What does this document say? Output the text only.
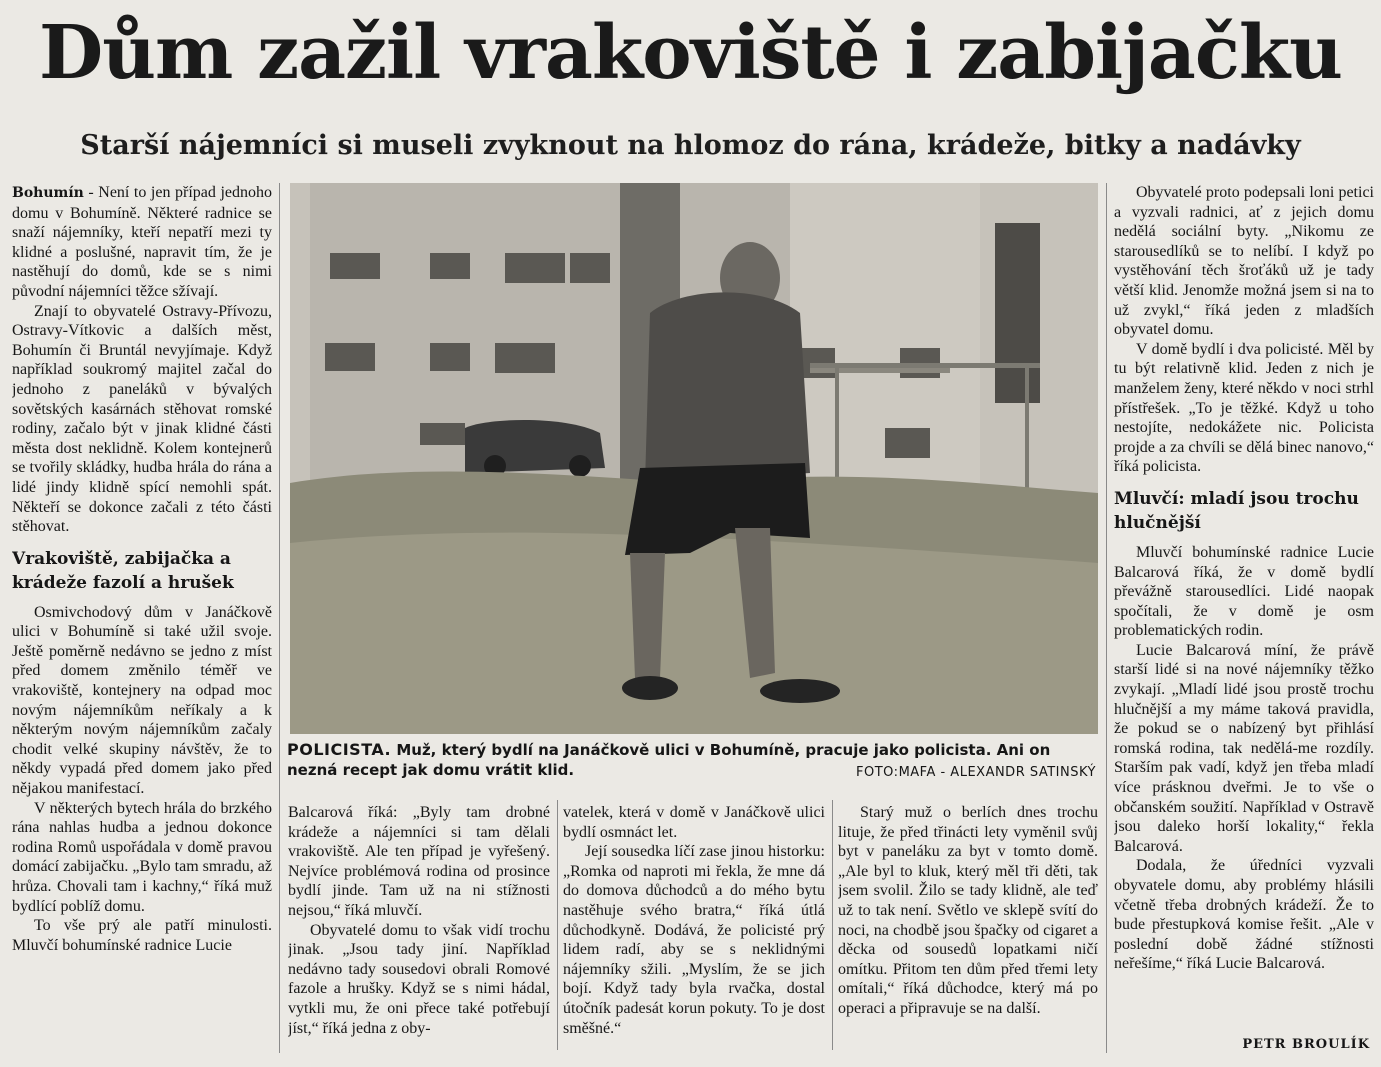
Dům zažil vrakoviště i zabijačku
Starší nájemníci si museli zvyknout na hlomoz do rána, krádeže, bitky a nadávky

Bohumín - Není to jen případ jednoho domu v Bohumíně. Některé radnice se snaží nájemníky, kteří nepatří mezi ty klidné a poslušné, napravit tím, že je nastěhují do domů, kde se s nimi původní nájemníci těžce sžívají.

Znají to obyvatelé Ostravy-Přívozu, Ostravy-Vítkovic a dalších měst, Bohumín či Bruntál nevyjímaje. Když například soukromý majitel začal do jednoho z paneláků v bývalých sovětských kasárnách stěhovat romské rodiny, začalo být v jinak klidné části města dost neklidně. Kolem kontejnerů se tvořily skládky, hudba hrála do rána a lidé jindy klidně spící nemohli spát. Někteří se dokonce začali z této části stěhovat.

Vrakoviště, zabijačka a krádeže fazolí a hrušek

Osmivchodový dům v Janáčkově ulici v Bohumíně si také užil svoje. Ještě poměrně nedávno se jedno z míst před domem změnilo téměř ve vrakoviště, kontejnery na odpad moc novým nájemníkům neříkaly a k některým novým nájemníkům začaly chodit velké skupiny návštěv, že to někdy vypadá před domem jako před nějakou manifestací.

V některých bytech hrála do brzkého rána nahlas hudba a jednou dokonce rodina Romů uspořádala v domě pravou domácí zabijačku. „Bylo tam smradu, až hrůza. Chovali tam i kachny,“ říká muž bydlící poblíž domu.

To vše prý ale patří minulosti. Mluvčí bohumínské radnice Lucie

POLICISTA. Muž, který bydlí na Janáčkově ulici v Bohumíně, pracuje jako policista. Ani on nezná recept jak domu vrátit klid.	FOTO:MAFA - ALEXANDR SATINSKÝ

Balcarová říká: „Byly tam drobné krádeže a nájemníci si tam dělali vrakoviště. Ale ten případ je vyřešený. Nejvíce problémová rodina od prosince bydlí jinde. Tam už na ni stížnosti nejsou,“ říká mluvčí.

Obyvatelé domu to však vidí trochu jinak. „Jsou tady jiní. Například nedávno tady sousedovi obrali Romové fazole a hrušky. Když se s nimi hádal, vytkli mu, že oni přece také potřebují jíst,“ říká jedna z oby-

vatelek, která v domě v Janáčkově ulici bydlí osmnáct let.

Její sousedka líčí zase jinou historku:„Romka od naproti mi řekla, že mne dá do domova důchodců a do mého bytu nastěhuje svého bratra,“ říká útlá důchodkyně. Dodává, že policisté prý lidem radí, aby se s neklidnými nájemníky sžili. „Myslím, že se jich bojí. Když tady byla rvačka, dostal útočník padesát korun pokuty. To je dost směšné.“

Starý muž o berlích dnes trochu lituje, že před třinácti lety vyměnil svůj byt v paneláku za byt v tomto domě. „Ale byl to kluk, který měl tři děti, tak jsem svolil. Žilo se tady klidně, ale teď už to tak není. Světlo ve sklepě svítí do noci, na chodbě jsou špačky od cigaret a děcka od sousedů lopatkami ničí omítku. Přitom ten dům před třemi lety omítali,“ říká důchodce, který má po operaci a připravuje se na další.

Obyvatelé proto podepsali loni petici a vyzvali radnici, ať z jejich domu nedělá sociální byty. „Nikomu ze starousedlíků se to nelíbí. I když po vystěhování těch šroťáků už je tady větší klid. Jenomže možná jsem si na to už zvykl,“ říká jeden z mladších obyvatel domu.

V domě bydlí i dva policisté. Měl by tu být relativně klid. Jeden z nich je manželem ženy, které někdo v noci strhl přístřešek. „To je těžké. Když u toho nestojíte, nedokážete nic. Policista projde a za chvíli se dělá binec nanovo,“ říká policista.

Mluvčí: mladí jsou trochu hlučnější

Mluvčí bohumínské radnice Lucie Balcarová říká, že v domě bydlí převážně starousedlíci. Lidé naopak spočítali, že v domě je osm problematických rodin.

Lucie Balcarová míní, že právě starší lidé si na nové nájemníky těžko zvykají. „Mladí lidé jsou prostě trochu hlučnější a my máme taková pravidla, že pokud se o nabízený byt přihlásí romská rodina, tak nedělá-me rozdíly. Starším pak vadí, když jen třeba mladí více prásknou dveřmi. Je to vše o občanském soužití. Například v Ostravě jsou daleko horší lokality,“ řekla Balcarová.

Dodala, že úředníci vyzvali obyvatele domu, aby problémy hlásili včetně třeba drobných krádeží. Že to bude přestupková komise řešit. „Ale v poslední době žádné stížnosti neřešíme,“ říká Lucie Balcarová.

PETR BROULÍK
